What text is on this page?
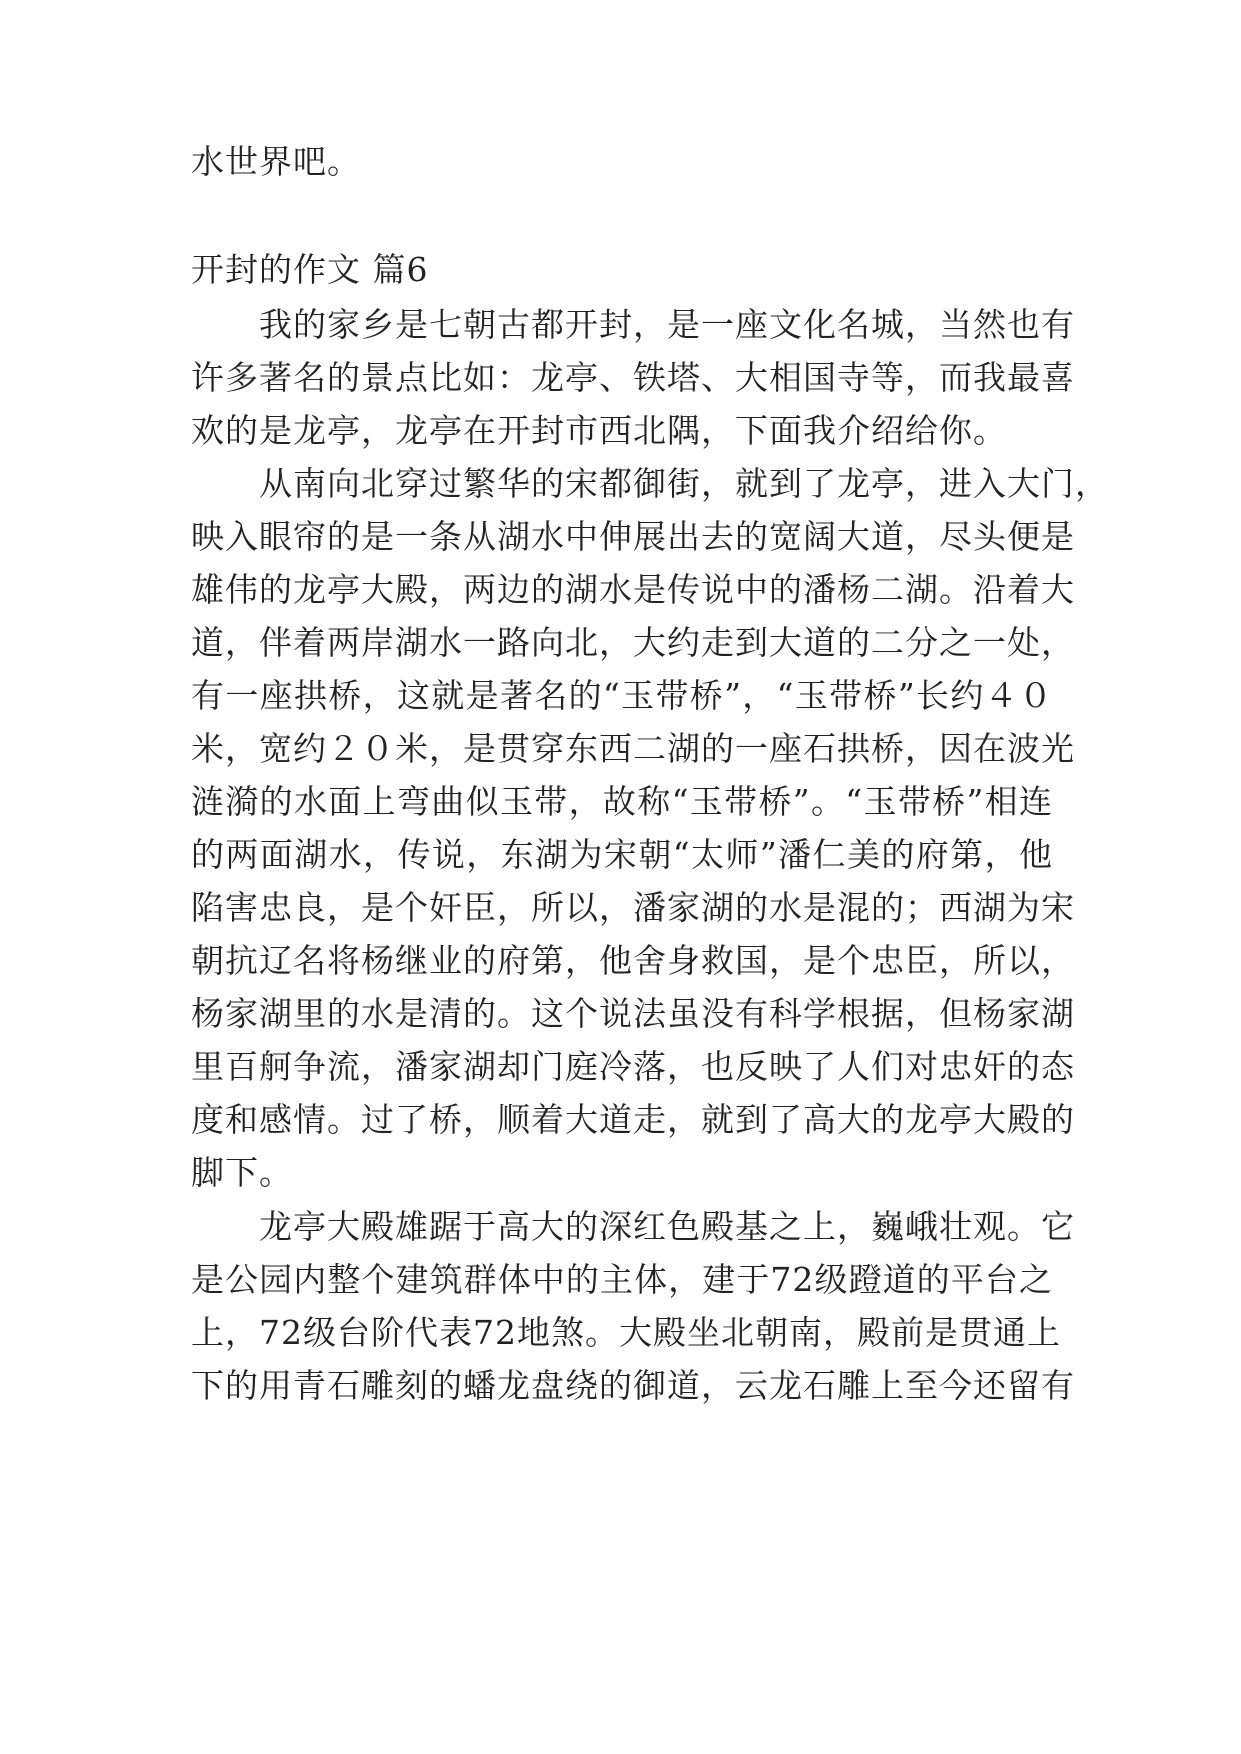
水世界吧。
开封的作文 篇6
我的家乡是七朝古都开封，是一座文化名城，当然也有
许多著名的景点比如：龙亭、铁塔、大相国寺等，而我最喜
欢的是龙亭，龙亭在开封市西北隅，下面我介绍给你。
从南向北穿过繁华的宋都御街，就到了龙亭，进入大门，
映入眼帘的是一条从湖水中伸展出去的宽阔大道，尽头便是
雄伟的龙亭大殿，两边的湖水是传说中的潘杨二湖。沿着大
道，伴着两岸湖水一路向北，大约走到大道的二分之一处，
有一座拱桥，这就是著名的“玉带桥”，“玉带桥”长约４０
米，宽约２０米，是贯穿东西二湖的一座石拱桥，因在波光
涟漪的水面上弯曲似玉带，故称“玉带桥”。“玉带桥”相连
的两面湖水，传说，东湖为宋朝“太师”潘仁美的府第，他
陷害忠良，是个奸臣，所以，潘家湖的水是混的；西湖为宋
朝抗辽名将杨继业的府第，他舍身救国，是个忠臣，所以，
杨家湖里的水是清的。这个说法虽没有科学根据，但杨家湖
里百舸争流，潘家湖却门庭冷落，也反映了人们对忠奸的态
度和感情。过了桥，顺着大道走，就到了高大的龙亭大殿的
脚下。
龙亭大殿雄踞于高大的深红色殿基之上，巍峨壮观。它
是公园内整个建筑群体中的主体，建于72级蹬道的平台之
上，72级台阶代表72地煞。大殿坐北朝南，殿前是贯通上
下的用青石雕刻的蟠龙盘绕的御道，云龙石雕上至今还留有
